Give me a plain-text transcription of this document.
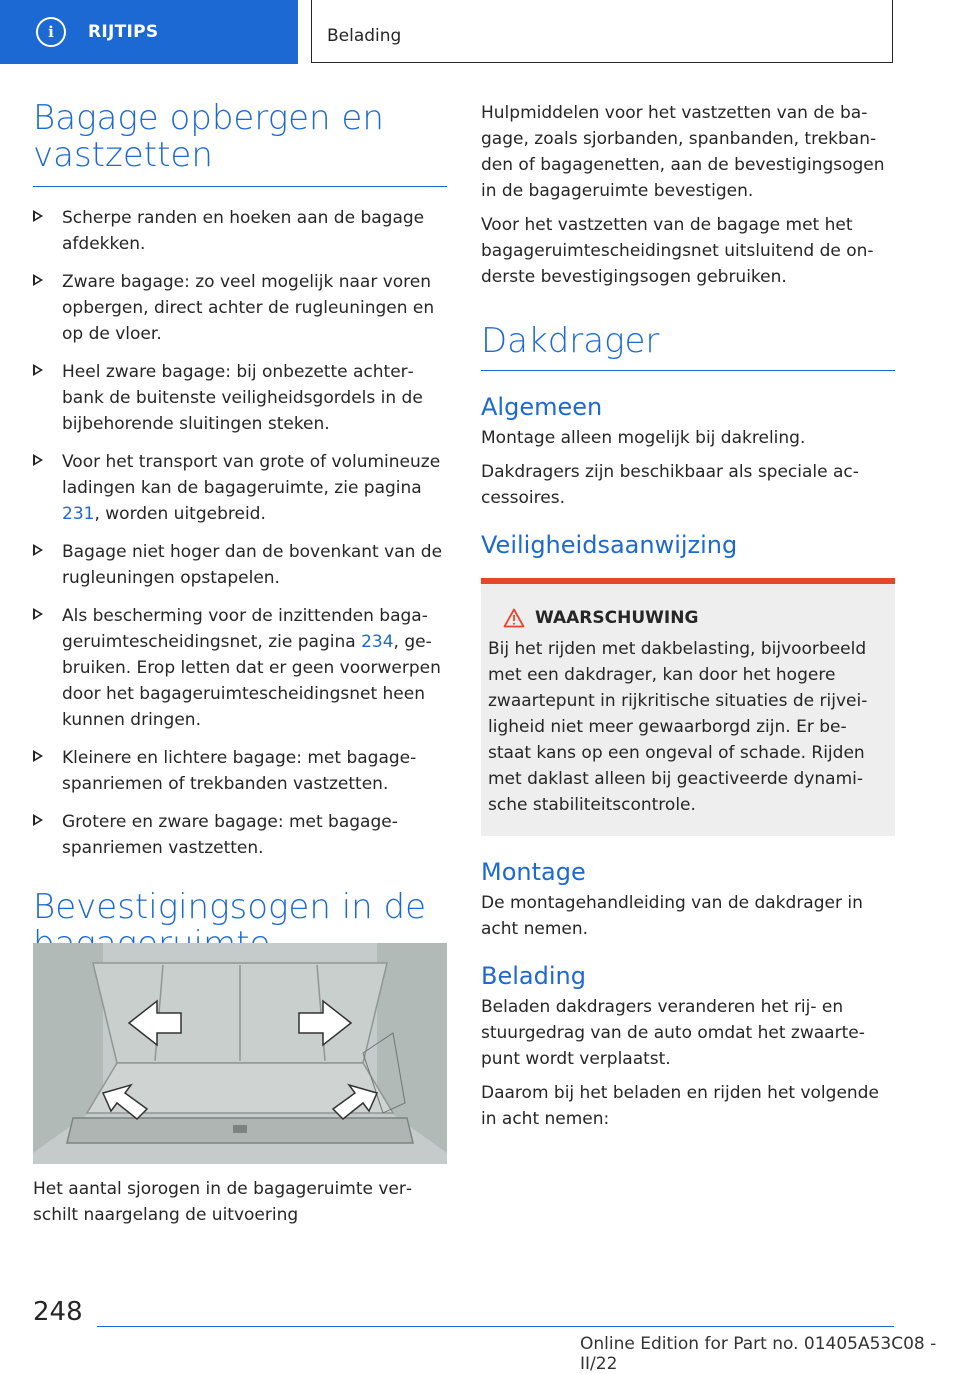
i	RIJTIPS	Belading
Bagage opbergen en vastzetten
Scherpe randen en hoeken aan de bagage afdekken.
Zware bagage: zo veel mogelijk naar voren opbergen, direct achter de rugleuningen en op de vloer.
Heel zware bagage: bij onbezette achterbank de buitenste veiligheidsgordels in de bijbehorende sluitingen steken.
Voor het transport van grote of volumineuze ladingen kan de bagageruimte, zie pagina 231, worden uitgebreid.
Bagage niet hoger dan de bovenkant van de rugleuningen opstapelen.
Als bescherming voor de inzittenden bagageruimtescheidingsnet, zie pagina 234, gebruiken. Erop letten dat er geen voorwerpen door het bagageruimtescheidingsnet heen kunnen dringen.
Kleinere en lichtere bagage: met bagagespanriemen of trekbanden vastzetten.
Grotere en zware bagage: met bagagespanriemen vastzetten.
Bevestigingsogen in de

Het aantal sjorogen in de bagageruimte verschilt naargelang de uitvoering

Hulpmiddelen voor het vastzetten van de bagage, zoals sjorbanden, spanbanden, trekbanden of bagagenetten, aan de bevestigingsogen in de bagageruimte bevestigen.

Voor het vastzetten van de bagage met het bagageruimtescheidingsnet uitsluitend de onderste bevestigingsogen gebruiken.

Dakdrager
Algemeen

Montage alleen mogelijk bij dakreling.

Dakdragers zijn beschikbaar als speciale accessoires.

Veiligheidsaanwijzing
WAARSCHUWING

Bij het rijden met dakbelasting, bijvoorbeeld met een dakdrager, kan door het hogere zwaartepunt in rijkritische situaties de rijveiligheid niet meer gewaarborgd zijn. Er bestaat kans op een ongeval of schade. Rijden met daklast alleen bij geactiveerde dynamische stabiliteitscontrole.

Montage

De montagehandleiding van de dakdrager in acht nemen.

Belading

Beladen dakdragers veranderen het rij- en stuurgedrag van de auto omdat het zwaartepunt wordt verplaatst.

Daarom bij het beladen en rijden het volgende in acht nemen:

248
Online Edition for Part no. 01405A53C08 - II/22
